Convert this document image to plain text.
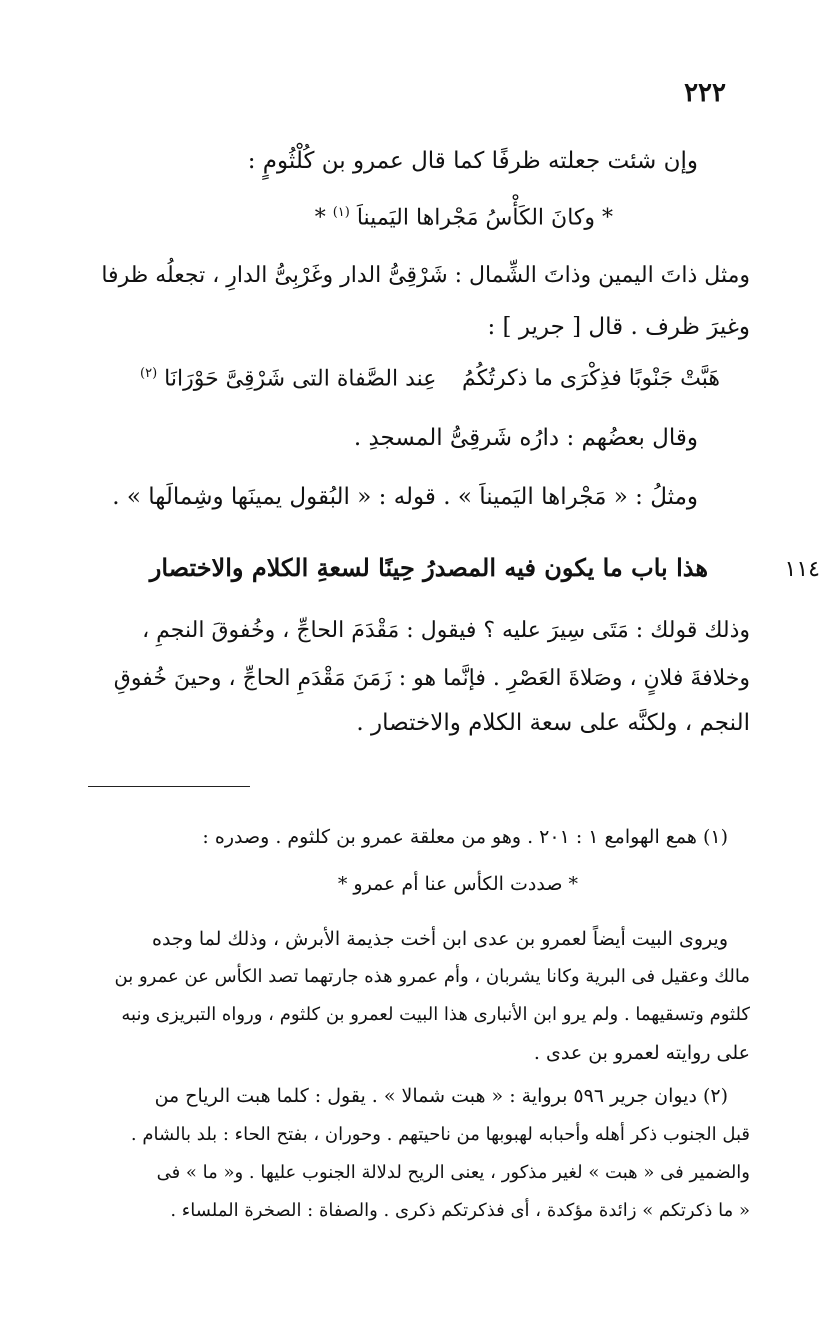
٢٢٢
وإن شئت جعلته ظرفًا كما قال عمرو بن كُلْثُومٍ :
* وكانَ الكَأْسُ مَجْراها اليَميناَ $^{(١)}$ *
ومثل ذاتَ اليمين وذاتَ الشِّمال : شَرْقِىُّ الدار وغَرْبِىُّ الدارِ ، تجعلُه ظرفا
وغيرَ ظرف . قال [ جرير ] :
هَبَّتْ جَنْوبًا فذِكْرَى ما ذكرتُكُمُ
عِند الصَّفاة التى شَرْقِىَّ حَوْرَانَا $^{(٢)}$
وقال بعضُهم : دارُه شَرقِىُّ المسجدِ .
ومثلُ : « مَجْراها اليَميناَ » . قوله : « البُقول يمينَها وشِمالَها » .
١١٤
هذا باب ما يكون فيه المصدرُ حِينًا لسعةِ الكلام والاختصار
وذلك قولك : مَتَى سِيرَ عليه ؟ فيقول : مَقْدَمَ الحاجِّ ، وخُفوقَ النجمِ ،
وخلافةَ فلانٍ ، وصَلاةَ العَصْرِ . فإنَّما هو : زَمَنَ مَقْدَمِ الحاجِّ ، وحينَ خُفوقِ
النجم ، ولكنَّه على سعة الكلام والاختصار .
(١) همع الهوامع ١ : ٢٠١ . وهو من معلقة عمرو بن كلثوم . وصدره :
* صددت الكأس عنا أم عمرو *
ويروى البيت أيضاً لعمرو بن عدى ابن أخت جذيمة الأبرش ، وذلك لما وجده
مالك وعقيل فى البرية وكانا يشربان ، وأم عمرو هذه جارتهما تصد الكأس عن عمرو بن
كلثوم وتسقيهما . ولم يرو ابن الأنبارى هذا البيت لعمرو بن كلثوم ، ورواه التبريزى ونبه
على روايته لعمرو بن عدى .
(٢) ديوان جرير ٥٩٦ برواية : « هبت شمالا » . يقول : كلما هبت الرياح من
قبل الجنوب ذكر أهله وأحبابه لهبوبها من ناحيتهم . وحوران ، بفتح الحاء : بلد بالشام .
والضمير فى « هبت » لغير مذكور ، يعنى الريح لدلالة الجنوب عليها . و« ما » فى
« ما ذكرتكم » زائدة مؤكدة ، أى فذكرتكم ذكرى . والصفاة : الصخرة الملساء .
